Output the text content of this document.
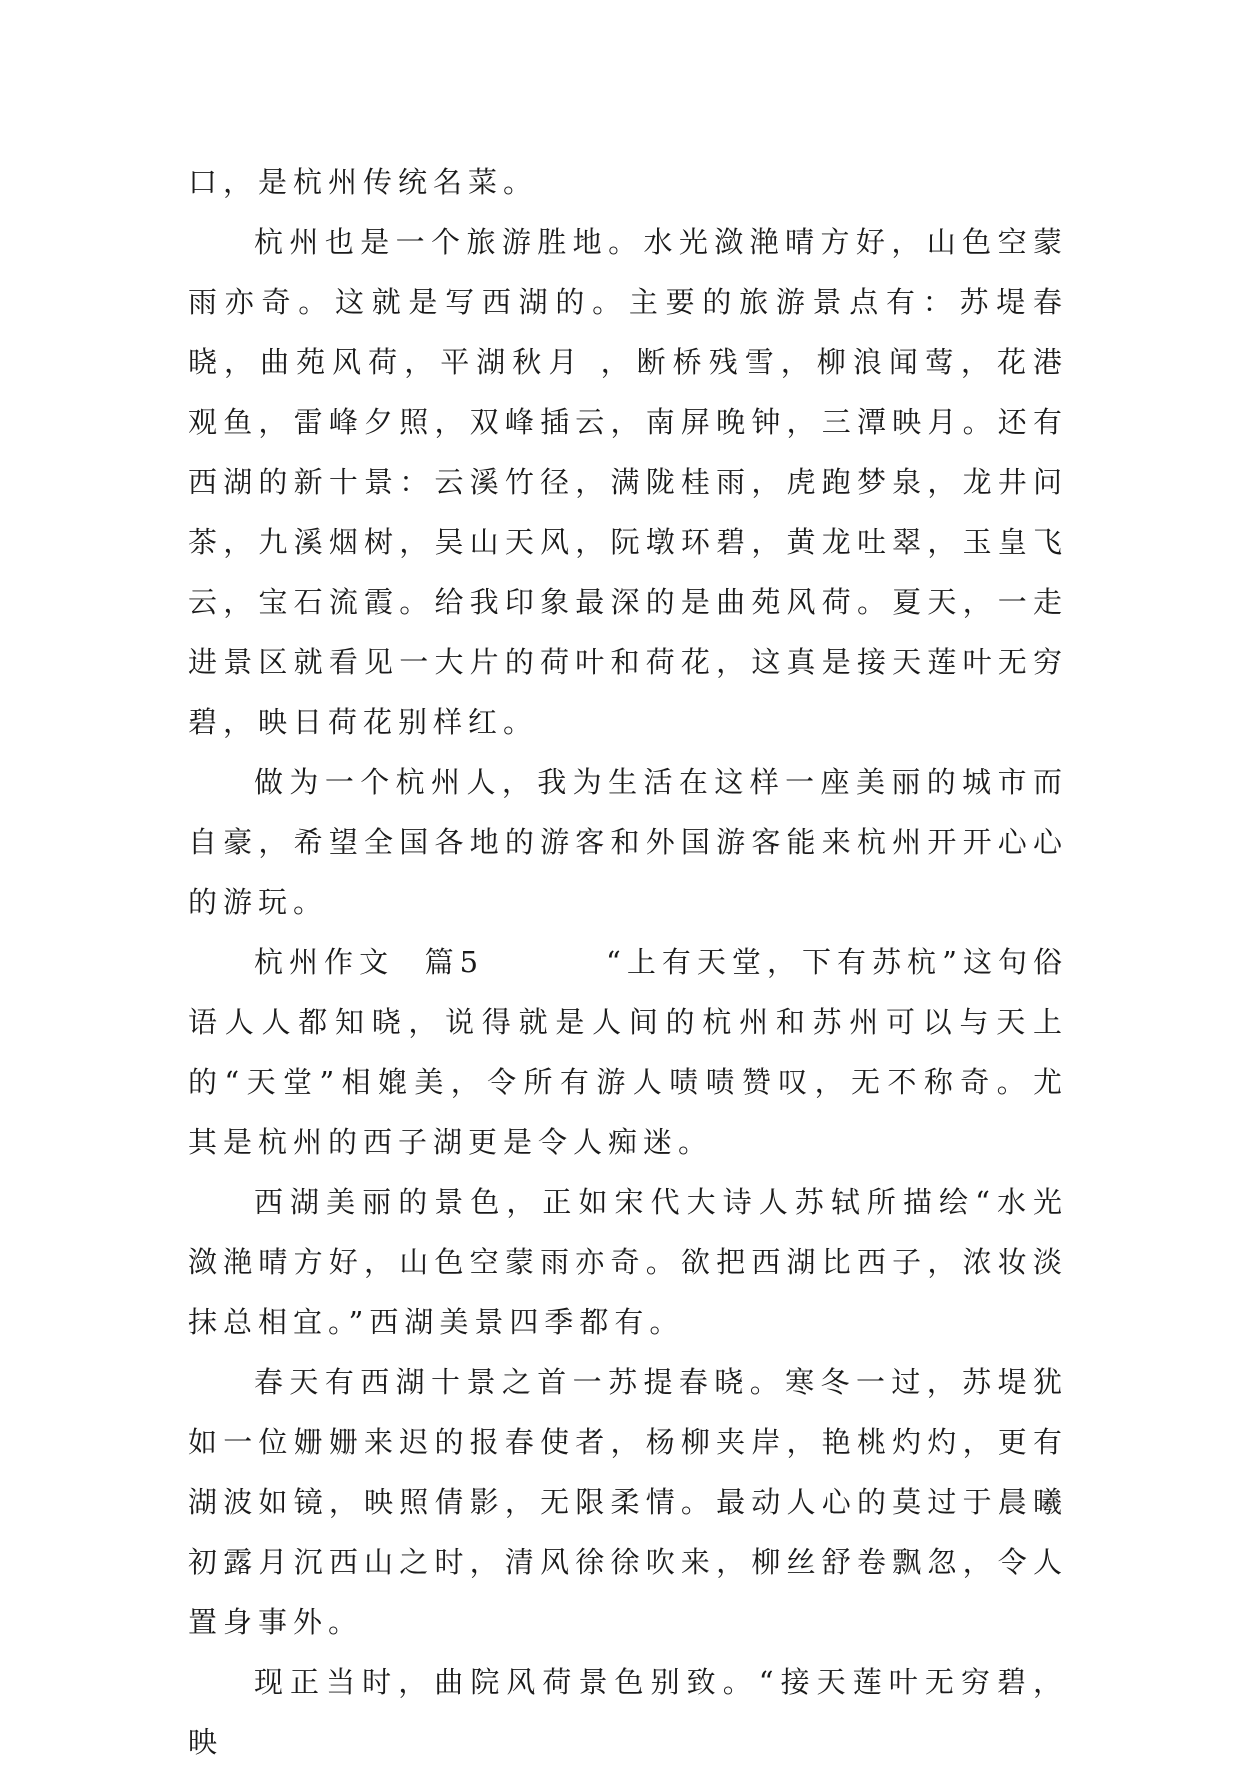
口，是杭州传统名菜。

杭州也是一个旅游胜地。水光潋滟晴方好，山色空蒙雨亦奇。这就是写西湖的。主要的旅游景点有：苏堤春晓，曲苑风荷，平湖秋月 ，断桥残雪，柳浪闻莺，花港观鱼，雷峰夕照，双峰插云，南屏晚钟，三潭映月。还有西湖的新十景：云溪竹径，满陇桂雨，虎跑梦泉，龙井问茶，九溪烟树，吴山天风，阮墩环碧，黄龙吐翠，玉皇飞云，宝石流霞。给我印象最深的是曲苑风荷。夏天，一走进景区就看见一大片的荷叶和荷花，这真是接天莲叶无穷碧，映日荷花别样红。

做为一个杭州人，我为生活在这样一座美丽的城市而自豪，希望全国各地的游客和外国游客能来杭州开开心心的游玩。

杭州作文  篇5        “上有天堂，下有苏杭”这句俗语人人都知晓，说得就是人间的杭州和苏州可以与天上的“天堂”相媲美，令所有游人啧啧赞叹，无不称奇。尤其是杭州的西子湖更是令人痴迷。

西湖美丽的景色，正如宋代大诗人苏轼所描绘“水光潋滟晴方好，山色空蒙雨亦奇。欲把西湖比西子，浓妆淡抹总相宜。”西湖美景四季都有。

春天有西湖十景之首一苏提春晓。寒冬一过，苏堤犹如一位姗姗来迟的报春使者，杨柳夹岸，艳桃灼灼，更有湖波如镜，映照倩影，无限柔情。最动人心的莫过于晨曦初露月沉西山之时，清风徐徐吹来，柳丝舒卷飘忽，令人置身事外。

现正当时，曲院风荷景色别致。“接天莲叶无穷碧，映
